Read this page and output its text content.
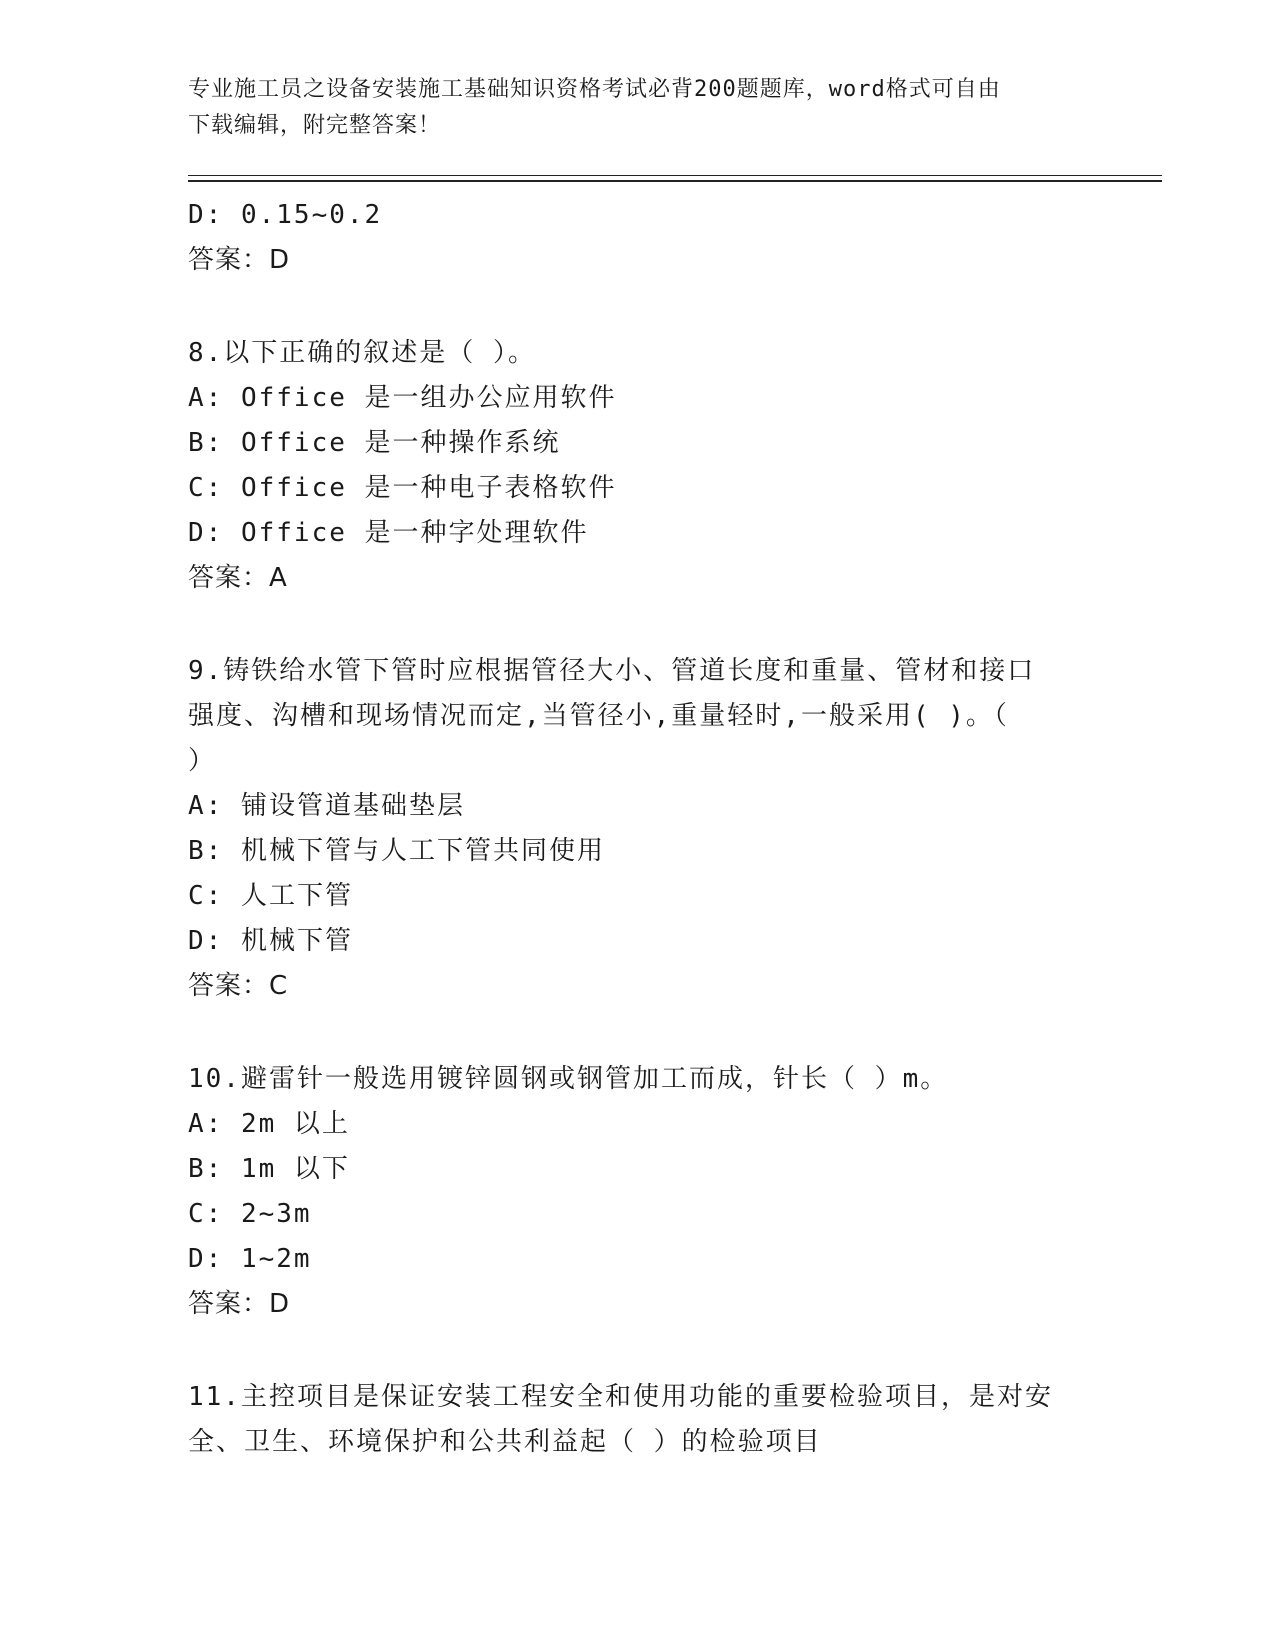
专业施工员之设备安装施工基础知识资格考试必背200题题库，word格式可自由
下载编辑，附完整答案！
D: 0.15~0.2
答案：D
8.以下正确的叙述是（ ）。
A: Office 是一组办公应用软件
B: Office 是一种操作系统
C: Office 是一种电子表格软件
D: Office 是一种字处理软件
答案：A
9.铸铁给水管下管时应根据管径大小、管道长度和重量、管材和接口
强度、沟槽和现场情况而定,当管径小,重量轻时,一般采用( )。（
）
A: 铺设管道基础垫层
B: 机械下管与人工下管共同使用
C: 人工下管
D: 机械下管
答案：C
10.避雷针一般选用镀锌圆钢或钢管加工而成，针长（ ）m。
A: 2m 以上
B: 1m 以下
C: 2~3m
D: 1~2m
答案：D
11.主控项目是保证安装工程安全和使用功能的重要检验项目，是对安
全、卫生、环境保护和公共利益起（ ）的检验项目
